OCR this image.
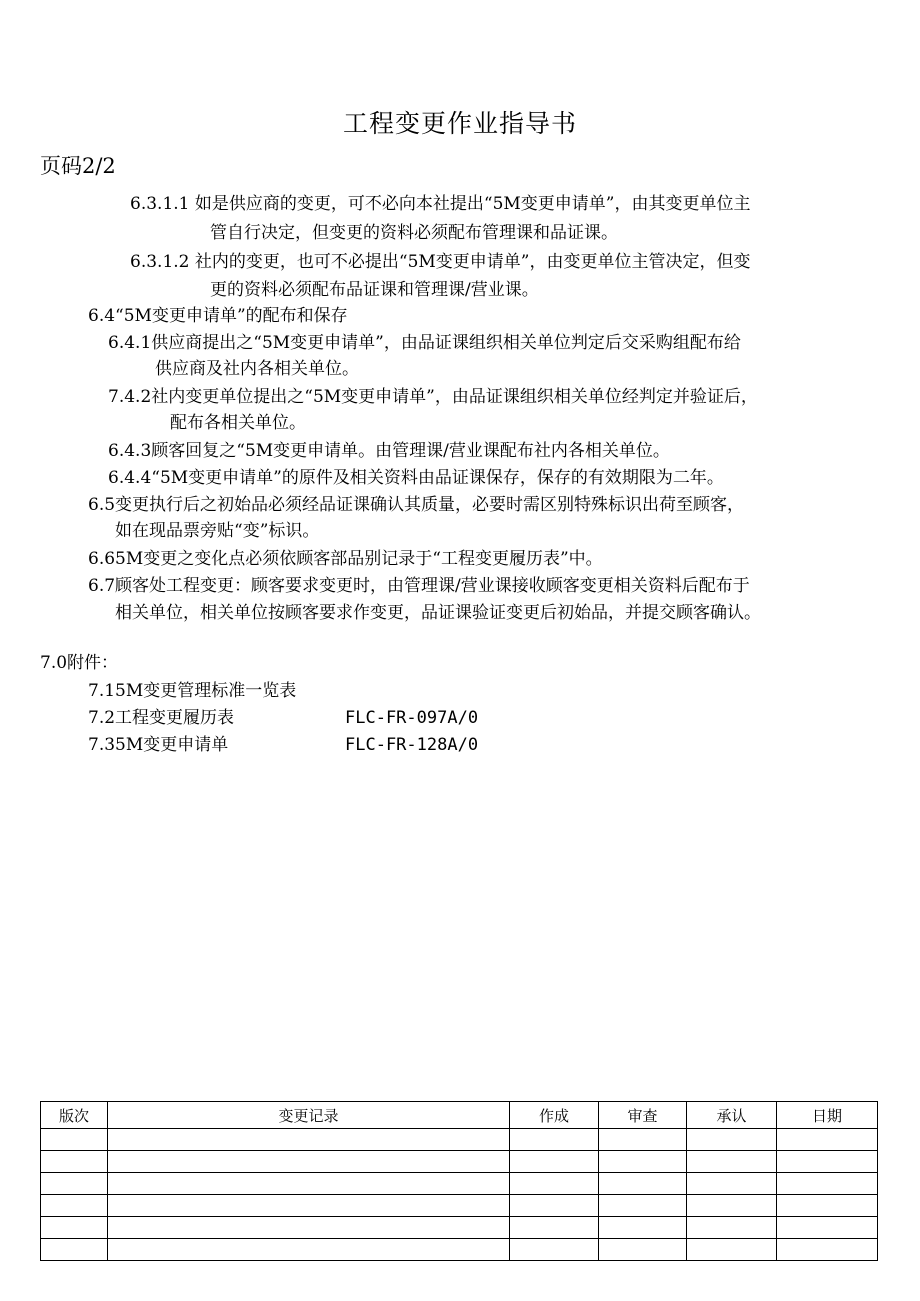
工程变更作业指导书
页码2/2
6.3.1.1 如是供应商的变更，可不必向本社提出“5M变更申请单”，由其变更单位主
管自行决定，但变更的资料必须配布管理课和品证课。
6.3.1.2 社内的变更，也可不必提出“5M变更申请单”，由变更单位主管决定，但变
更的资料必须配布品证课和管理课/营业课。
6.4“5M变更申请单”的配布和保存
6.4.1供应商提出之“5M变更申请单”，由品证课组织相关单位判定后交采购组配布给
供应商及社内各相关单位。
7.4.2社内变更单位提出之“5M变更申请单”，由品证课组织相关单位经判定并验证后，
配布各相关单位。
6.4.3顾客回复之“5M变更申请单。由管理课/营业课配布社内各相关单位。
6.4.4“5M变更申请单”的原件及相关资料由品证课保存，保存的有效期限为二年。
6.5变更执行后之初始品必须经品证课确认其质量，必要时需区别特殊标识出荷至顾客，
如在现品票旁贴“变”标识。
6.65M变更之变化点必须依顾客部品别记录于“工程变更履历表”中。
6.7顾客处工程变更：顾客要求变更时，由管理课/营业课接收顾客变更相关资料后配布于
相关单位，相关单位按顾客要求作变更，品证课验证变更后初始品，并提交顾客确认。
7.0附件：
7.15M变更管理标准一览表
7.2工程变更履历表	FLC-FR-097A/0
7.35M变更申请单	FLC-FR-128A/0
版次	变更记录	作成	审查	承认	日期
